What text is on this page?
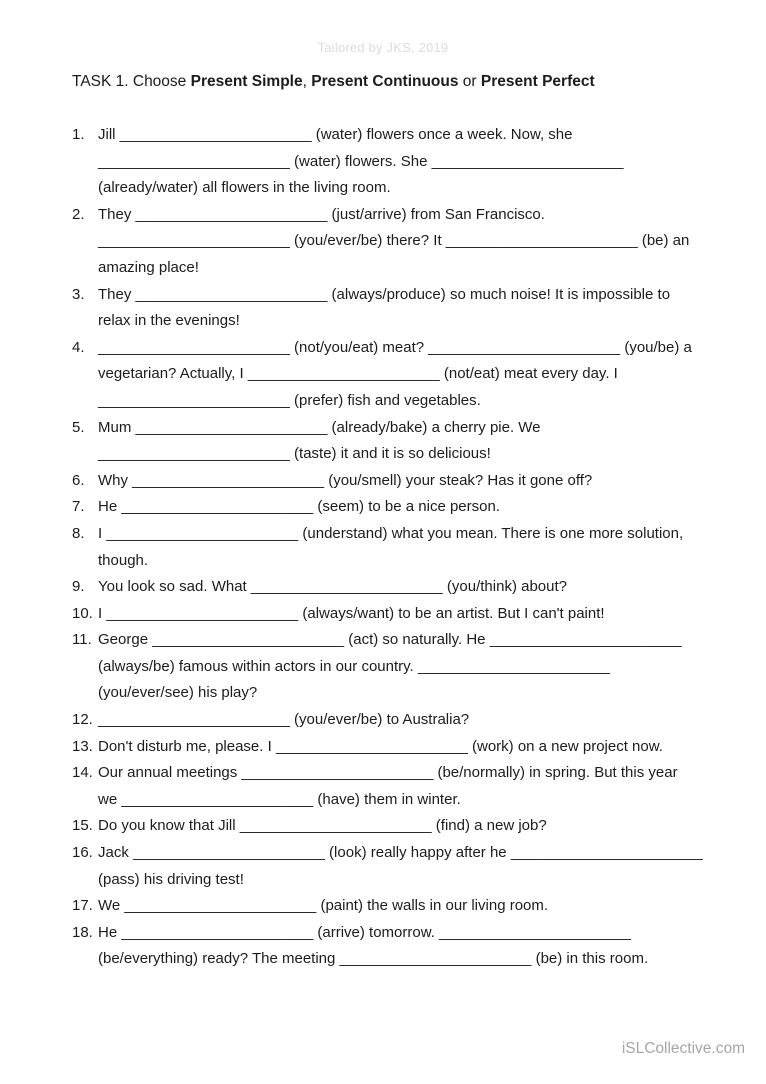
Tailored by JKS, 2019
TASK 1. Choose Present Simple, Present Continuous or Present Perfect
1. Jill _______________________ (water) flowers once a week. Now, she
_______________________ (water) flowers. She _______________________
(already/water) all flowers in the living room.
2. They _______________________ (just/arrive) from San Francisco.
_______________________ (you/ever/be) there? It _______________________ (be) an
amazing place!
3. They _______________________ (always/produce) so much noise! It is impossible to
relax in the evenings!
4. _______________________ (not/you/eat) meat? _______________________ (you/be) a
vegetarian? Actually, I _______________________ (not/eat) meat every day. I
_______________________ (prefer) fish and vegetables.
5. Mum _______________________ (already/bake) a cherry pie. We
_______________________ (taste) it and it is so delicious!
6. Why _______________________ (you/smell) your steak? Has it gone off?
7. He _______________________ (seem) to be a nice person.
8. I _______________________ (understand) what you mean. There is one more solution,
though.
9. You look so sad. What _______________________ (you/think) about?
10. I _______________________ (always/want) to be an artist. But I can't paint!
11. George _______________________ (act) so naturally. He _______________________
(always/be) famous within actors in our country. _______________________
(you/ever/see) his play?
12. _______________________ (you/ever/be) to Australia?
13. Don't disturb me, please. I _______________________ (work) on a new project now.
14. Our annual meetings _______________________ (be/normally) in spring. But this year
we _______________________ (have) them in winter.
15. Do you know that Jill _______________________ (find) a new job?
16. Jack _______________________ (look) really happy after he _______________________
(pass) his driving test!
17. We _______________________ (paint) the walls in our living room.
18. He _______________________ (arrive) tomorrow. _______________________
(be/everything) ready? The meeting _______________________ (be) in this room.
iSLCollective.com
